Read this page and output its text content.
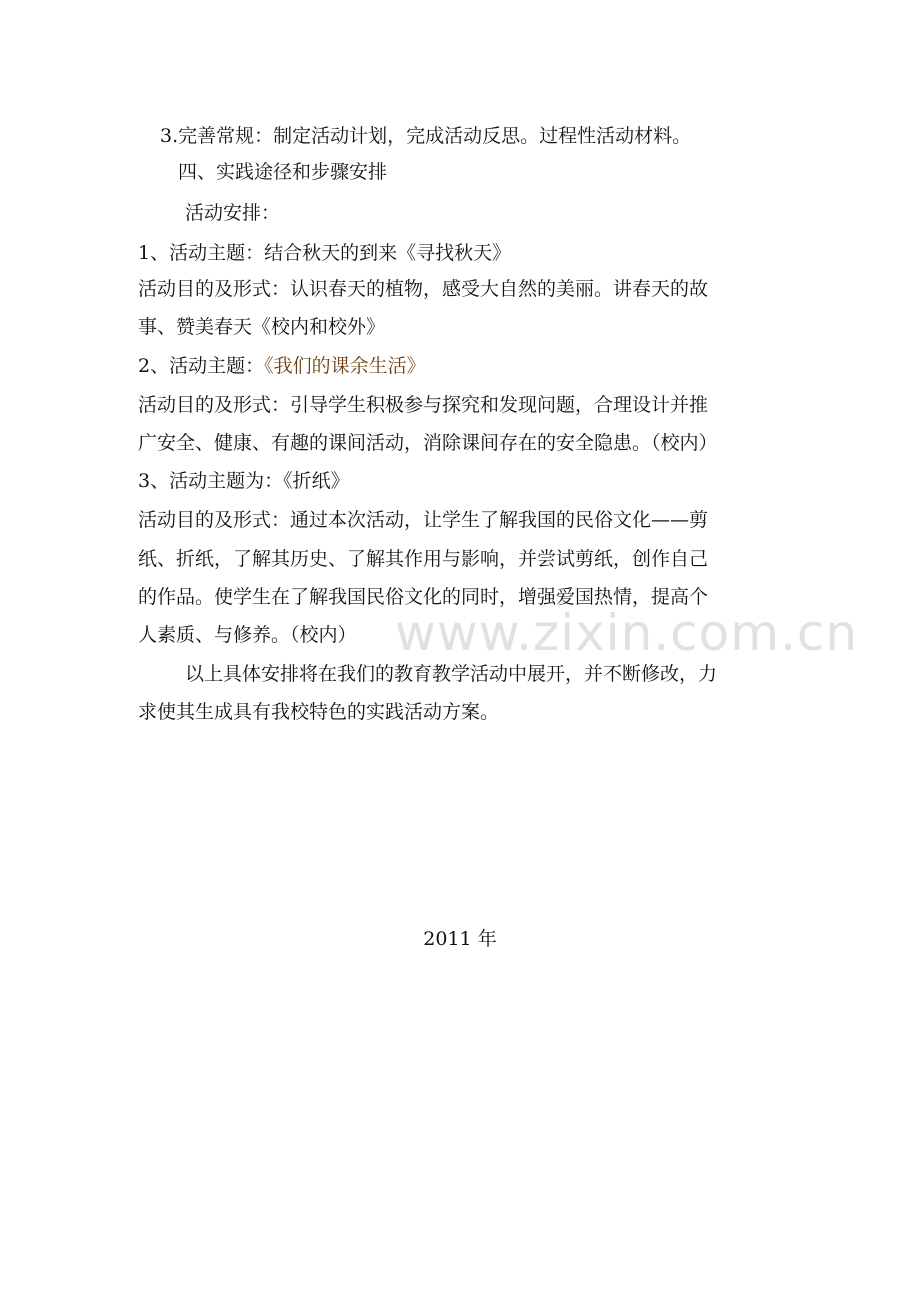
3.完善常规：制定活动计划，完成活动反思。过程性活动材料。
四、实践途径和步骤安排
活动安排：
1、活动主题：结合秋天的到来《寻找秋天》
活动目的及形式：认识春天的植物，感受大自然的美丽。讲春天的故
事、赞美春天《校内和校外》
2、活动主题：《我们的课余生活》
活动目的及形式：引导学生积极参与探究和发现问题，合理设计并推
广安全、健康、有趣的课间活动，消除课间存在的安全隐患。（校内）
3、活动主题为：《折纸》
活动目的及形式：通过本次活动，让学生了解我国的民俗文化——剪
纸、折纸，了解其历史、了解其作用与影响，并尝试剪纸，创作自己
的作品。使学生在了解我国民俗文化的同时，增强爱国热情，提高个
人素质、与修养。（校内）
以上具体安排将在我们的教育教学活动中展开，并不断修改，力
求使其生成具有我校特色的实践活动方案。
www.zixin.com.cn
2011 年
